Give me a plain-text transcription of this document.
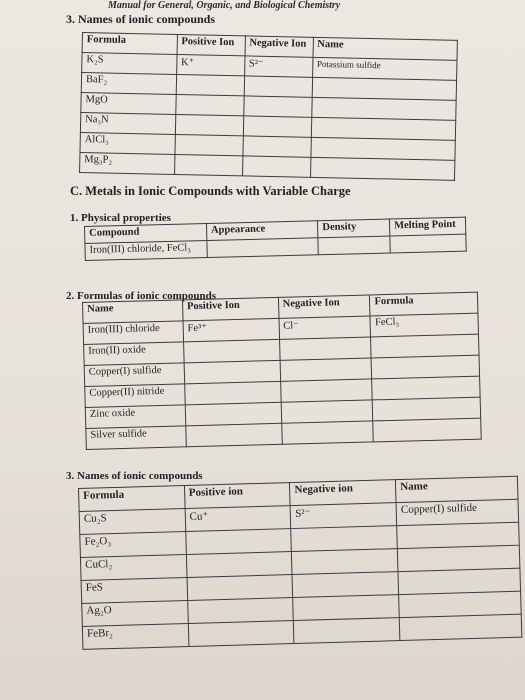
Manual for General, Organic, and Biological Chemistry
3. Names of ionic compounds
Formula	Positive Ion	Negative Ion	Name
K₂S	K⁺	S²⁻	Potassium sulfide
BaF₂			
MgO			
Na₃N			
AlCl₃			
Mg₃P₂			
C. Metals in Ionic Compounds with Variable Charge
1. Physical properties
Compound	Appearance	Density	Melting Point
Iron(III) chloride, FeCl₃			
2. Formulas of ionic compounds
Name	Positive Ion	Negative Ion	Formula
Iron(III) chloride	Fe³⁺	Cl⁻	FeCl₃
Iron(II) oxide			
Copper(I) sulfide			
Copper(II) nitride			
Zinc oxide			
Silver sulfide			
3. Names of ionic compounds
Formula	Positive ion	Negative ion	Name
Cu₂S	Cu⁺	S²⁻	Copper(I) sulfide
Fe₂O₃			
CuCl₂			
FeS			
Ag₂O			
FeBr₂			
